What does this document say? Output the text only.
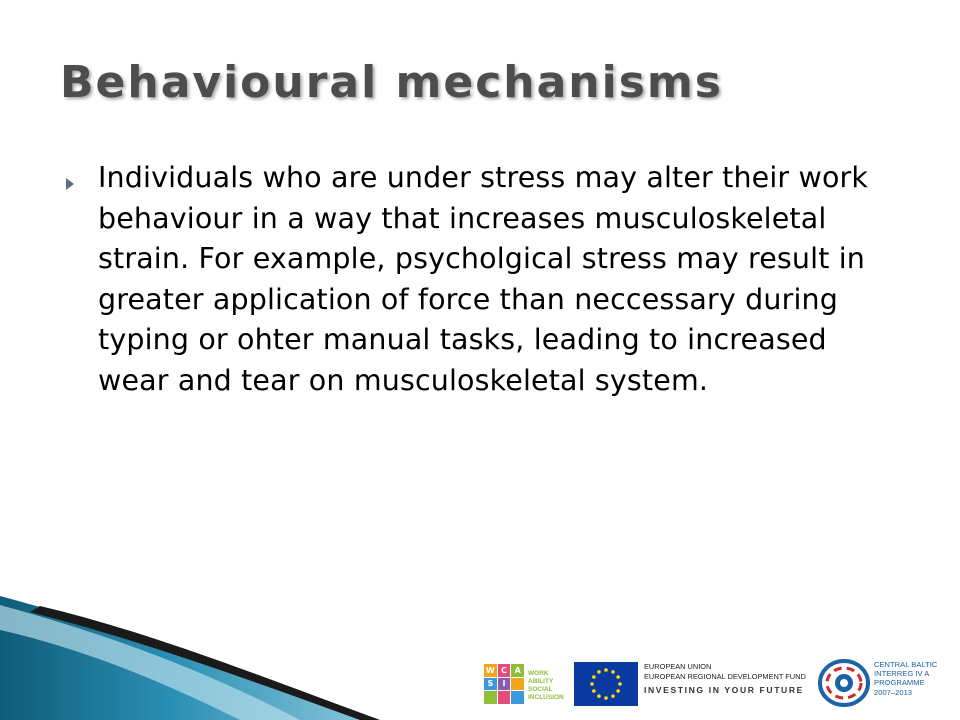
Behavioural mechanisms
Individuals who are under stress may alter their work behaviour in a way that increases musculoskeletal strain. For example, psycholgical stress may result in greater application of force than neccessary during typing or ohter manual tasks, leading to increased wear and tear on musculoskeletal system.
W C A
S	I
WORK
ABILITY
SOCIAL
INCLUSION
EUROPEAN UNION
EUROPEAN REGIONAL DEVELOPMENT FUND
INVESTING IN YOUR FUTURE
CENTRAL BALTIC
INTERREG IV A
PROGRAMME
2007–2013
